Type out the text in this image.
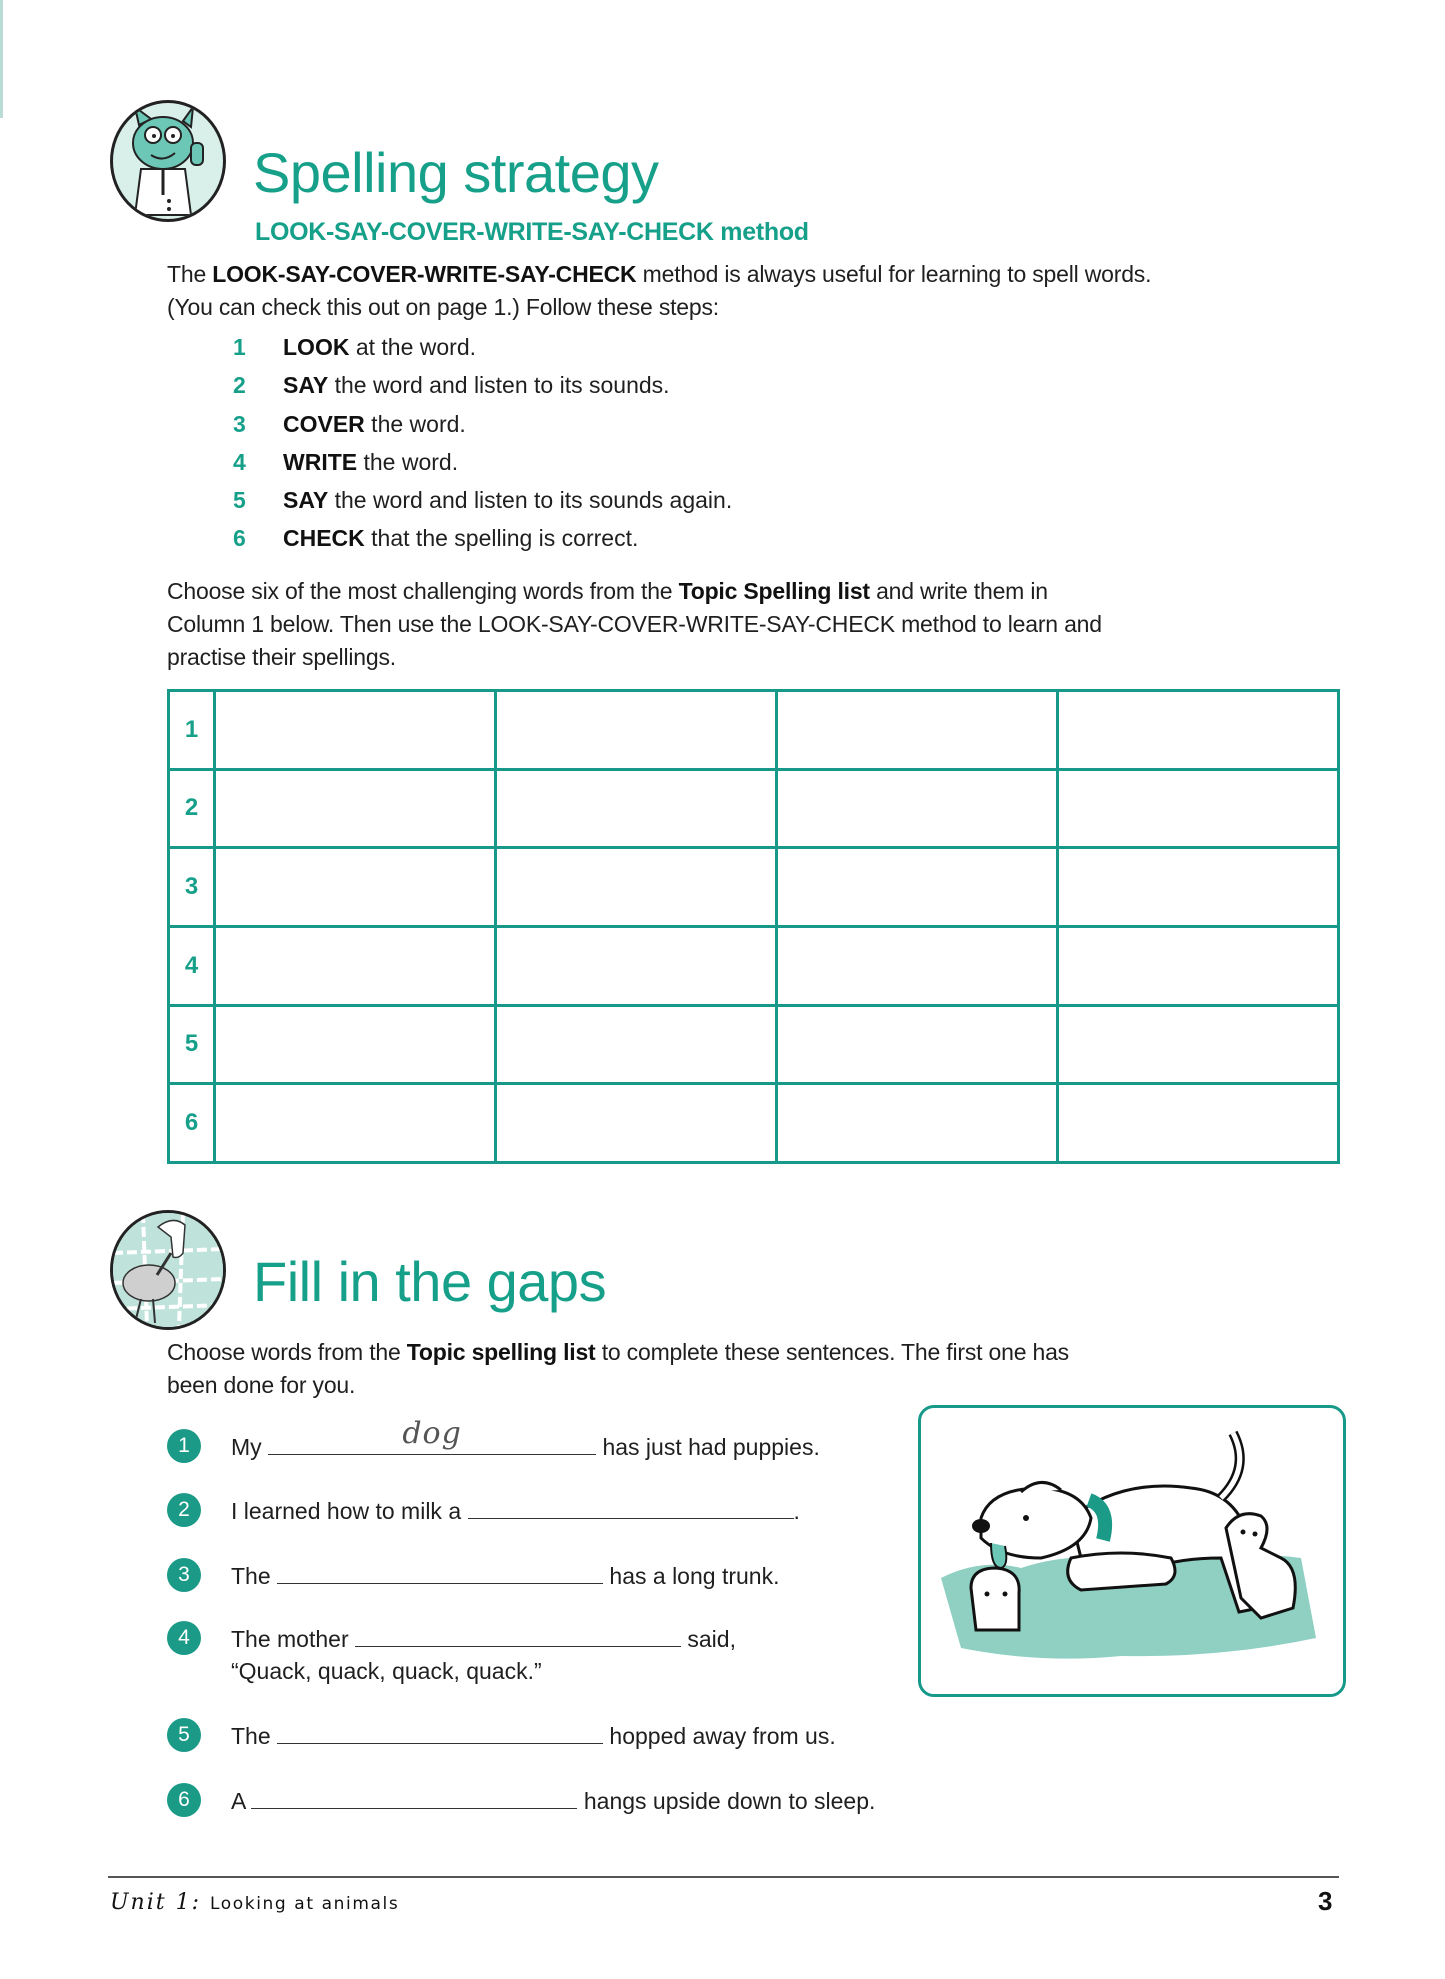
Spelling strategy
LOOK-SAY-COVER-WRITE-SAY-CHECK method
The LOOK-SAY-COVER-WRITE-SAY-CHECK method is always useful for learning to spell words.
(You can check this out on page 1.) Follow these steps:
1	LOOK at the word.
2	SAY the word and listen to its sounds.
3	COVER the word.
4	WRITE the word.
5	SAY the word and listen to its sounds again.
6	CHECK that the spelling is correct.
Choose six of the most challenging words from the Topic Spelling list and write them in
Column 1 below. Then use the LOOK-SAY-COVER-WRITE-SAY-CHECK method to learn and
practise their spellings.
1				
2				
3				
4				
5				
6				
Fill in the gaps
Choose words from the Topic spelling list to complete these sentences. The first one has
been done for you.
1	My	dog	has just had puppies.
2	I learned how to milk a	.
3	The	has a long trunk.
4	The mother	said,
“Quack, quack, quack, quack.”
5	The	hopped away from us.
6	A	hangs upside down to sleep.
Unit 1: Looking at animals	3
